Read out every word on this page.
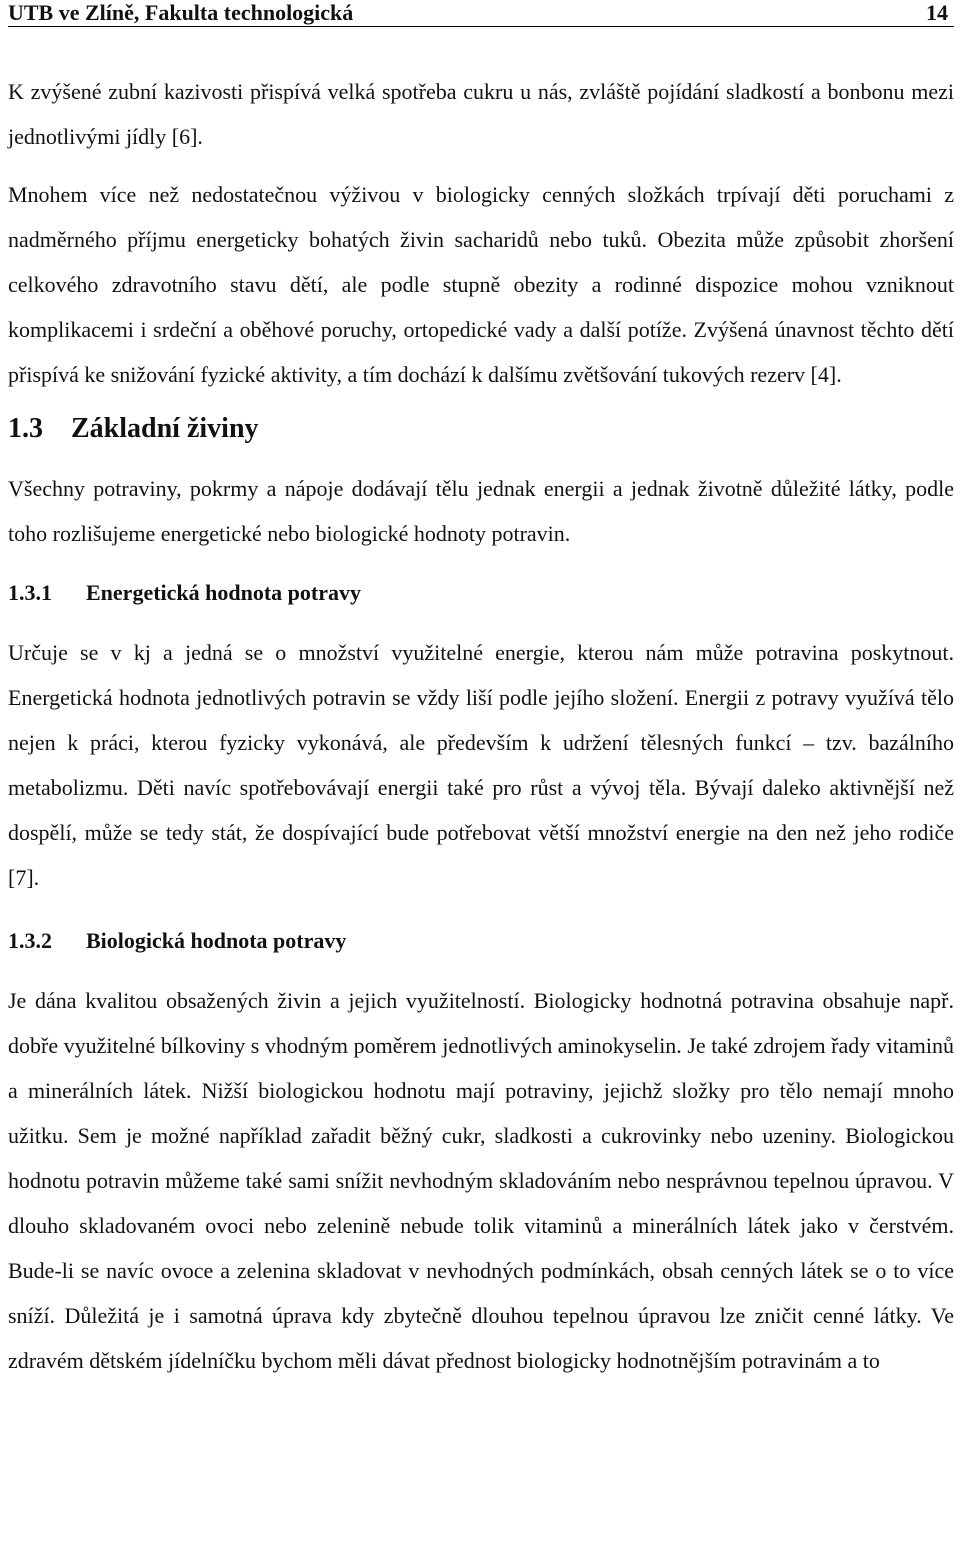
UTB ve Zlíně, Fakulta technologická	14

K zvýšené zubní kazivosti přispívá velká spotřeba cukru u nás, zvláště pojídání sladkostí a bonbonu mezi jednotlivými jídly [6].

Mnohem více než nedostatečnou výživou v biologicky cenných složkách trpívají děti poruchami z nadměrného příjmu energeticky bohatých živin sacharidů nebo tuků. Obezita může způsobit zhoršení celkového zdravotního stavu dětí, ale podle stupně obezity a rodinné dispozice mohou vzniknout komplikacemi i srdeční a oběhové poruchy, ortopedické vady a další potíže. Zvýšená únavnost těchto dětí přispívá ke snižování fyzické aktivity, a tím dochází k dalšímu zvětšování tukových rezerv [4].

1.3 Základní živiny

Všechny potraviny, pokrmy a nápoje dodávají tělu jednak energii a jednak životně důležité látky, podle toho rozlišujeme energetické nebo biologické hodnoty potravin.

1.3.1 Energetická hodnota potravy

Určuje se v kj a jedná se o množství využitelné energie, kterou nám může potravina poskytnout. Energetická hodnota jednotlivých potravin se vždy liší podle jejího složení. Energii z potravy využívá tělo nejen k práci, kterou fyzicky vykonává, ale především k udržení tělesných funkcí – tzv. bazálního metabolizmu. Děti navíc spotřebovávají energii také pro růst a vývoj těla. Bývají daleko aktivnější než dospělí, může se tedy stát, že dospívající bude potřebovat větší množství energie na den než jeho rodiče [7].

1.3.2 Biologická hodnota potravy

Je dána kvalitou obsažených živin a jejich využitelností. Biologicky hodnotná potravina obsahuje např. dobře využitelné bílkoviny s vhodným poměrem jednotlivých aminokyselin. Je také zdrojem řady vitaminů a minerálních látek. Nižší biologickou hodnotu mají potraviny, jejichž složky pro tělo nemají mnoho užitku. Sem je možné například zařadit běžný cukr, sladkosti a cukrovinky nebo uzeniny. Biologickou hodnotu potravin můžeme také sami snížit nevhodným skladováním nebo nesprávnou tepelnou úpravou. V dlouho skladovaném ovoci nebo zelenině nebude tolik vitaminů a minerálních látek jako v čerstvém. Bude-li se navíc ovoce a zelenina skladovat v nevhodných podmínkách, obsah cenných látek se o to více sníží. Důležitá je i samotná úprava kdy zbytečně dlouhou tepelnou úpravou lze zničit cenné látky. Ve zdravém dětském jídelníčku bychom měli dávat přednost biologicky hodnotnějším potravinám a to
